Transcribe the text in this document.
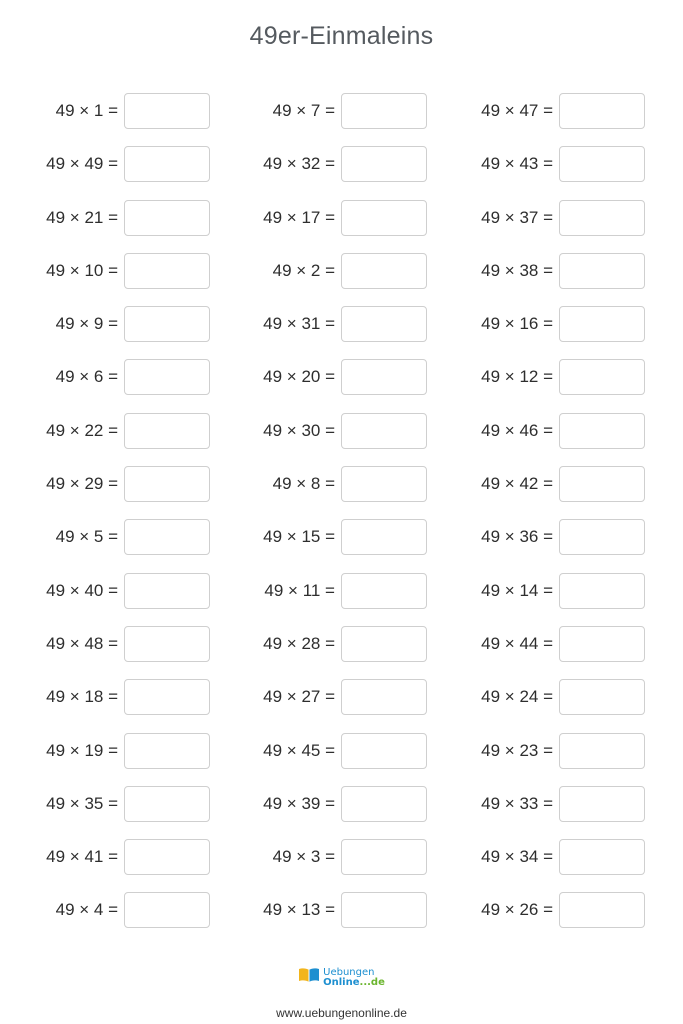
49er-Einmaleins
49 × 1 =	49 × 7 =	49 × 47 =
49 × 49 =	49 × 32 =	49 × 43 =
49 × 21 =	49 × 17 =	49 × 37 =
49 × 10 =	49 × 2 =	49 × 38 =
49 × 9 =	49 × 31 =	49 × 16 =
49 × 6 =	49 × 20 =	49 × 12 =
49 × 22 =	49 × 30 =	49 × 46 =
49 × 29 =	49 × 8 =	49 × 42 =
49 × 5 =	49 × 15 =	49 × 36 =
49 × 40 =	49 × 11 =	49 × 14 =
49 × 48 =	49 × 28 =	49 × 44 =
49 × 18 =	49 × 27 =	49 × 24 =
49 × 19 =	49 × 45 =	49 × 23 =
49 × 35 =	49 × 39 =	49 × 33 =
49 × 41 =	49 × 3 =	49 × 34 =
49 × 4 =	49 × 13 =	49 × 26 =
Uebungen
Online...de
www.uebungenonline.de
